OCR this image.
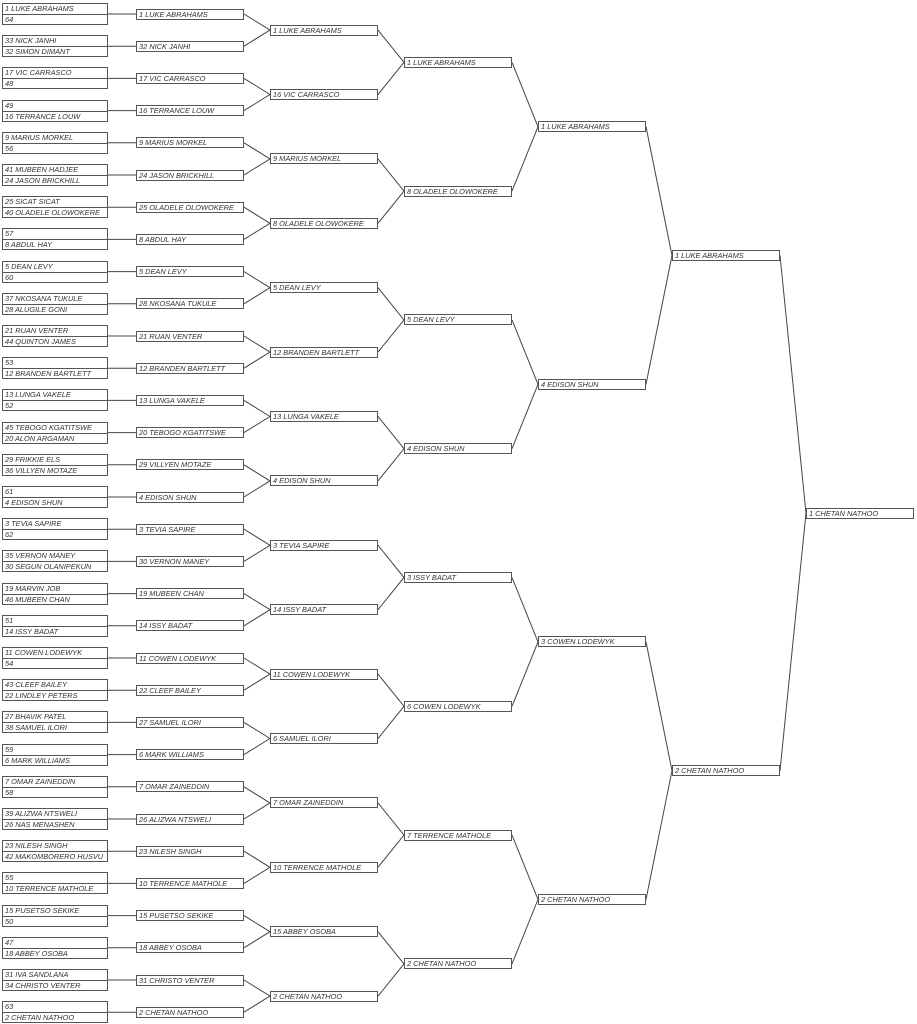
1 LUKE ABRAHAMS
64
33 NICK JANHI
32 SIMON DIMANT
17 VIC CARRASCO
48
49
16 TERRANCE LOUW
9 MARIUS MORKEL
56
41 MUBEEN HADJEE
24 JASON BRICKHILL
25 SICAT SICAT
40 OLADELE OLOWOKERE
57
8 ABDUL HAY
5 DEAN LEVY
60
37 NKOSANA TUKULE
28 ALUGILE GONI
21 RUAN VENTER
44 QUINTON JAMES
53
12 BRANDEN BARTLETT
13 LUNGA VAKELE
52
45 TEBOGO KGATITSWE
20 ALON ARGAMAN
29 FRIKKIE ELS
36 VILLYEN MOTAZE
61
4 EDISON SHUN
3 TEVIA SAPIRE
62
35 VERNON MANEY
30 SEGUN OLANIPEKUN
19 MARVIN JOB
46 MUBEEN CHAN
51
14 ISSY BADAT
11 COWEN LODEWYK
54
43 CLEEF BAILEY
22 LINDLEY PETERS
27 BHAVIK PATEL
38 SAMUEL ILORI
59
6 MARK WILLIAMS
7 OMAR ZAINEDDIN
58
39 ALIZWA NTSWELI
26 NAS MENASHEN
23 NILESH SINGH
42 MAKOMBORERO HUSVU
55
10 TERRENCE MATHOLE
15 PUSETSO SEKIKE
50
47
18 ABBEY OSOBA
31 IVA SANDLANA
34 CHRISTO VENTER
63
2 CHETAN NATHOO
1 LUKE ABRAHAMS
32 NICK JANHI
17 VIC CARRASCO
16 TERRANCE LOUW
9 MARIUS MORKEL
24 JASON BRICKHILL
25 OLADELE OLOWOKERE
8 ABDUL HAY
5 DEAN LEVY
28 NKOSANA TUKULE
21 RUAN VENTER
12 BRANDEN BARTLETT
13 LUNGA VAKELE
20 TEBOGO KGATITSWE
29 VILLYEN MOTAZE
4 EDISON SHUN
3 TEVIA SAPIRE
30 VERNON MANEY
19 MUBEEN CHAN
14 ISSY BADAT
11 COWEN LODEWYK
22 CLEEF BAILEY
27 SAMUEL ILORI
6 MARK WILLIAMS
7 OMAR ZAINEDDIN
26 ALIZWA NTSWELI
23 NILESH SINGH
10 TERRENCE MATHOLE
15 PUSETSO SEKIKE
18 ABBEY OSOBA
31 CHRISTO VENTER
2 CHETAN NATHOO
1 LUKE ABRAHAMS
16 VIC CARRASCO
9 MARIUS MORKEL
8 OLADELE OLOWOKERE
5 DEAN LEVY
12 BRANDEN BARTLETT
13 LUNGA VAKELE
4 EDISON SHUN
3 TEVIA SAPIRE
14 ISSY BADAT
11 COWEN LODEWYK
6 SAMUEL ILORI
7 OMAR ZAINEDDIN
10 TERRENCE MATHOLE
15 ABBEY OSOBA
2 CHETAN NATHOO
1 LUKE ABRAHAMS
8 OLADELE OLOWOKERE
5 DEAN LEVY
4 EDISON SHUN
3 ISSY BADAT
6 COWEN LODEWYK
7 TERRENCE MATHOLE
2 CHETAN NATHOO
1 LUKE ABRAHAMS
4 EDISON SHUN
3 COWEN LODEWYK
2 CHETAN NATHOO
1 LUKE ABRAHAMS
2 CHETAN NATHOO
1 CHETAN NATHOO
